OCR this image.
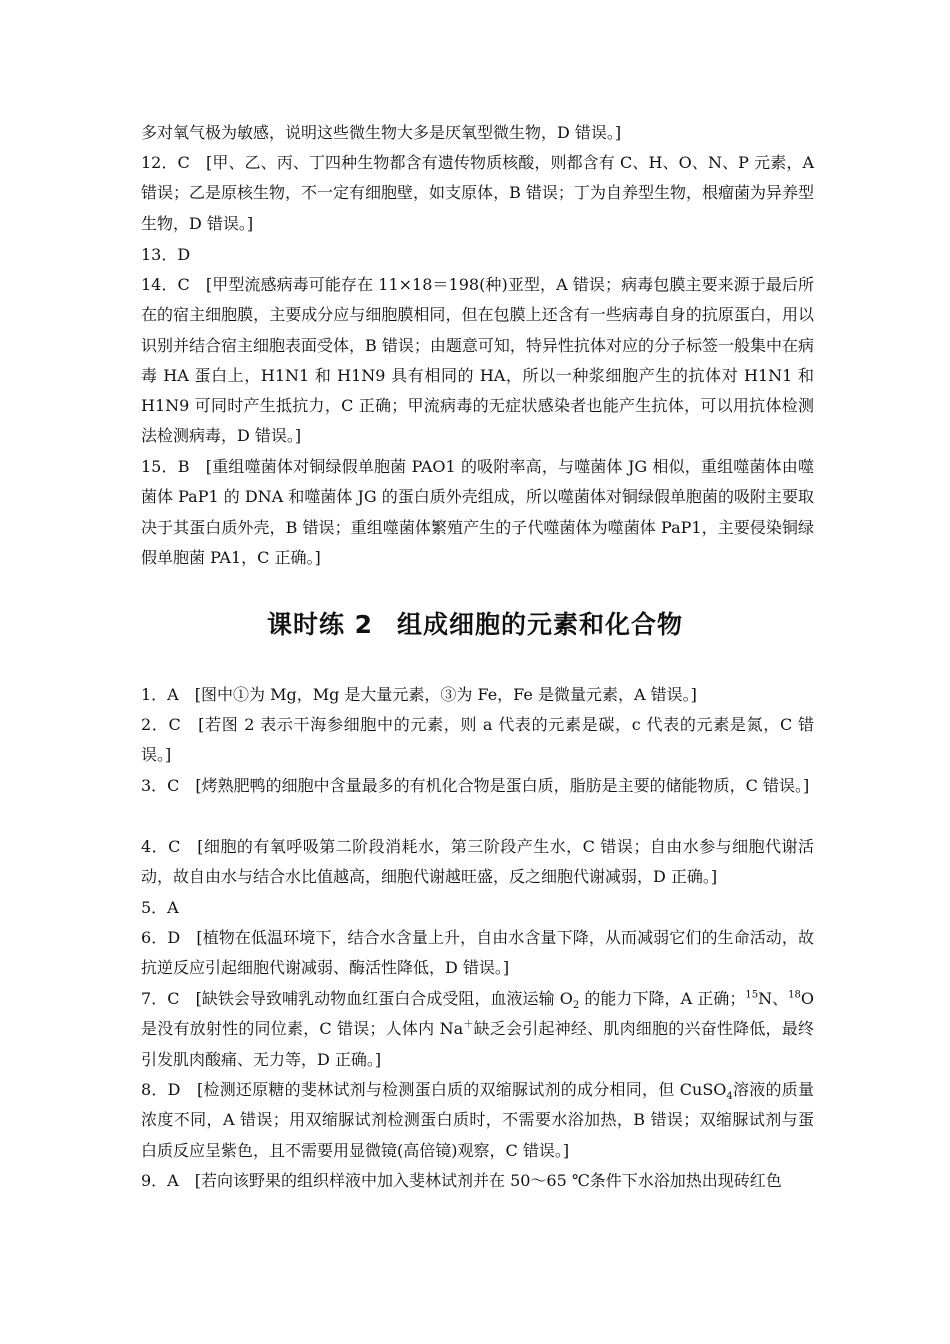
多对氧气极为敏感，说明这些微生物大多是厌氧型微生物，D 错误。]
12．C　[甲、乙、丙、丁四种生物都含有遗传物质核酸，则都含有 C、H、O、N、P 元素，A 错误；乙是原核生物，不一定有细胞壁，如支原体，B 错误；丁为自养型生物，根瘤菌为异养型生物，D 错误。]
13．D
14．C　[甲型流感病毒可能存在 11×18＝198(种)亚型，A 错误；病毒包膜主要来源于最后所在的宿主细胞膜，主要成分应与细胞膜相同，但在包膜上还含有一些病毒自身的抗原蛋白，用以识别并结合宿主细胞表面受体，B 错误；由题意可知，特异性抗体对应的分子标签一般集中在病毒 HA 蛋白上，H1N1 和 H1N9 具有相同的 HA，所以一种浆细胞产生的抗体对 H1N1 和 H1N9 可同时产生抵抗力，C 正确；甲流病毒的无症状感染者也能产生抗体，可以用抗体检测法检测病毒，D 错误。]
15．B　[重组噬菌体对铜绿假单胞菌 PAO1 的吸附率高，与噬菌体 JG 相似，重组噬菌体由噬菌体 PaP1 的 DNA 和噬菌体 JG 的蛋白质外壳组成，所以噬菌体对铜绿假单胞菌的吸附主要取决于其蛋白质外壳，B 错误；重组噬菌体繁殖产生的子代噬菌体为噬菌体 PaP1，主要侵染铜绿假单胞菌 PA1，C 正确。]
课时练 2 组成细胞的元素和化合物
1．A　[图中①为 Mg，Mg 是大量元素，③为 Fe，Fe 是微量元素，A 错误。]
2．C　[若图 2 表示干海参细胞中的元素，则 a 代表的元素是碳，c 代表的元素是氮，C 错误。]
3．C　[烤熟肥鸭的细胞中含量最多的有机化合物是蛋白质，脂肪是主要的储能物质，C 错误。]
4．C　[细胞的有氧呼吸第二阶段消耗水，第三阶段产生水，C 错误；自由水参与细胞代谢活动，故自由水与结合水比值越高，细胞代谢越旺盛，反之细胞代谢减弱，D 正确。]
5．A
6．D　[植物在低温环境下，结合水含量上升，自由水含量下降，从而减弱它们的生命活动，故抗逆反应引起细胞代谢减弱、酶活性降低，D 错误。]
7．C　[缺铁会导致哺乳动物血红蛋白合成受阻，血液运输 $O_2$ 的能力下降，A 正确；$^{15}$N、$^{18}$O 是没有放射性的同位素，C 错误；人体内 Na＋缺乏会引起神经、肌肉细胞的兴奋性降低，最终引发肌肉酸痛、无力等，D 正确。]
8．D　[检测还原糖的斐林试剂与检测蛋白质的双缩脲试剂的成分相同，但 CuSO$_4$溶液的质量浓度不同，A 错误；用双缩脲试剂检测蛋白质时，不需要水浴加热，B 错误；双缩脲试剂与蛋白质反应呈紫色，且不需要用显微镜(高倍镜)观察，C 错误。]
9．A　[若向该野果的组织样液中加入斐林试剂并在 50～65 ℃条件下水浴加热出现砖红色
